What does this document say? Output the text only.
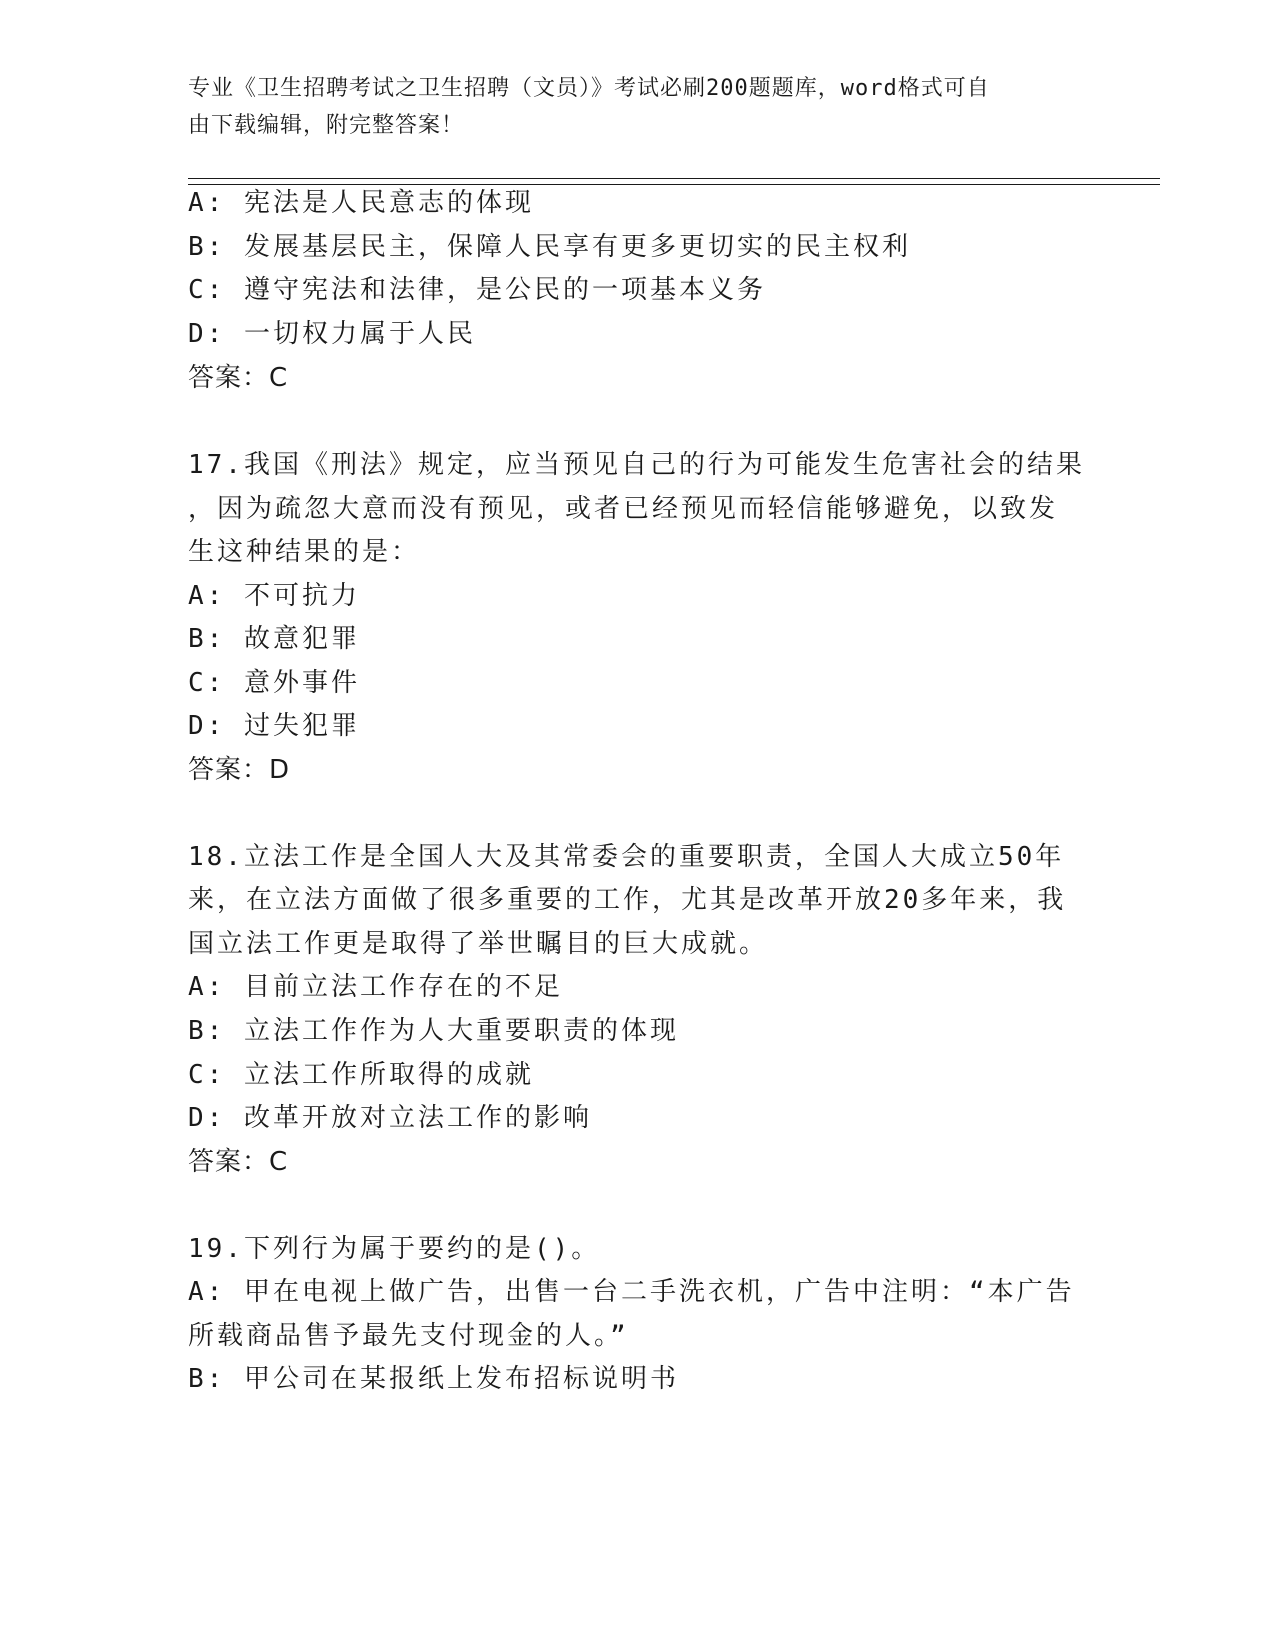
专业《卫生招聘考试之卫生招聘（文员）》考试必刷200题题库，word格式可自
由下载编辑，附完整答案！
A: 宪法是人民意志的体现
B: 发展基层民主，保障人民享有更多更切实的民主权利
C: 遵守宪法和法律，是公民的一项基本义务
D: 一切权力属于人民
答案：C
17.我国《刑法》规定，应当预见自己的行为可能发生危害社会的结果
，因为疏忽大意而没有预见，或者已经预见而轻信能够避免，以致发
生这种结果的是：
A: 不可抗力
B: 故意犯罪
C: 意外事件
D: 过失犯罪
答案：D
18.立法工作是全国人大及其常委会的重要职责，全国人大成立50年
来，在立法方面做了很多重要的工作，尤其是改革开放20多年来，我
国立法工作更是取得了举世瞩目的巨大成就。
A: 目前立法工作存在的不足
B: 立法工作作为人大重要职责的体现
C: 立法工作所取得的成就
D: 改革开放对立法工作的影响
答案：C
19.下列行为属于要约的是()。
A: 甲在电视上做广告，出售一台二手洗衣机，广告中注明：“本广告
所载商品售予最先支付现金的人。”
B: 甲公司在某报纸上发布招标说明书
